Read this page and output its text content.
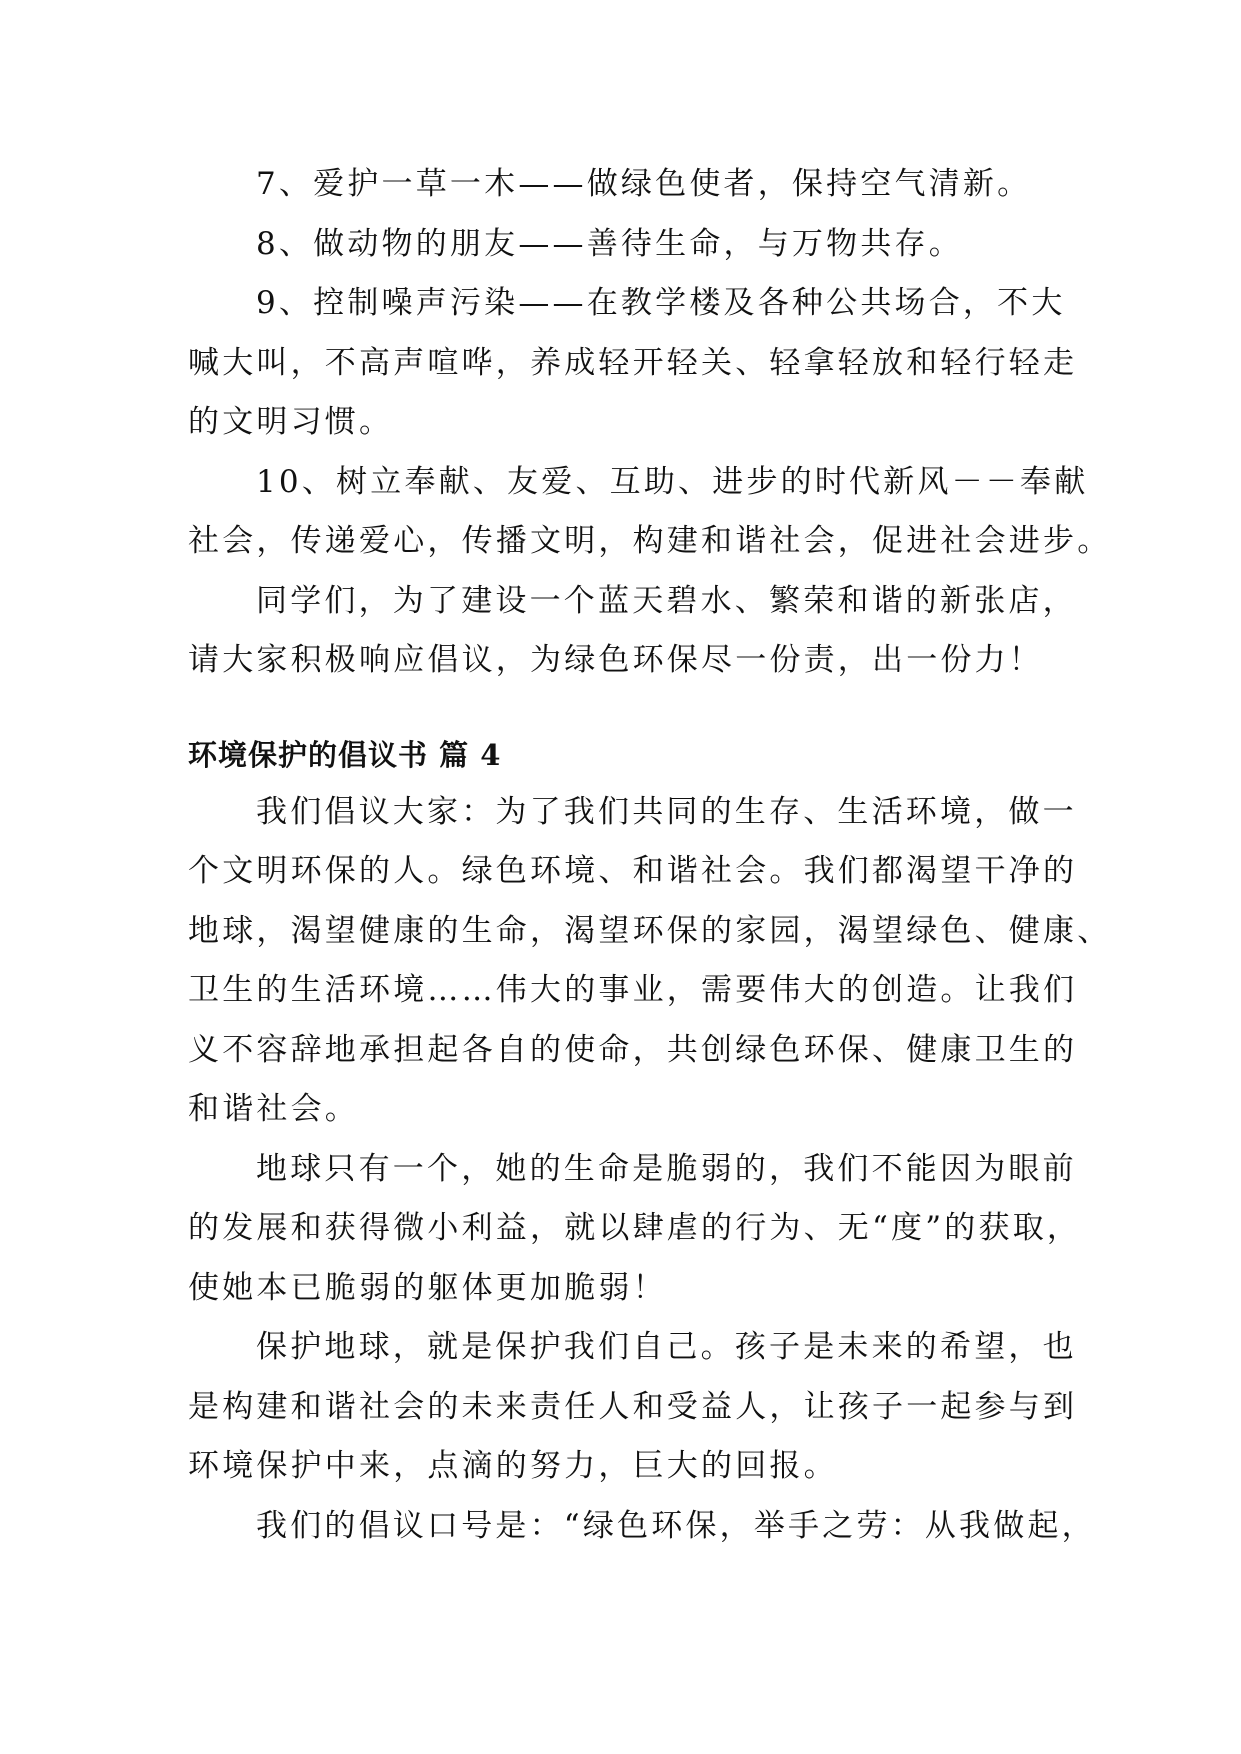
7、爱护一草一木——做绿色使者，保持空气清新。

8、做动物的朋友——善待生命，与万物共存。

9、控制噪声污染——在教学楼及各种公共场合，不大
喊大叫，不高声喧哗，养成轻开轻关、轻拿轻放和轻行轻走
的文明习惯。

10、树立奉献、友爱、互助、进步的时代新风－－奉献
社会，传递爱心，传播文明，构建和谐社会，促进社会进步。

同学们，为了建设一个蓝天碧水、繁荣和谐的新张店，
请大家积极响应倡议，为绿色环保尽一份责，出一份力！

环境保护的倡议书 篇 4

我们倡议大家：为了我们共同的生存、生活环境，做一
个文明环保的人。绿色环境、和谐社会。我们都渴望干净的
地球，渴望健康的生命，渴望环保的家园，渴望绿色、健康、
卫生的生活环境……伟大的事业，需要伟大的创造。让我们
义不容辞地承担起各自的使命，共创绿色环保、健康卫生的
和谐社会。

地球只有一个，她的生命是脆弱的，我们不能因为眼前
的发展和获得微小利益，就以肆虐的行为、无“度”的获取，
使她本已脆弱的躯体更加脆弱！

保护地球，就是保护我们自己。孩子是未来的希望，也
是构建和谐社会的未来责任人和受益人，让孩子一起参与到
环境保护中来，点滴的努力，巨大的回报。

我们的倡议口号是：“绿色环保，举手之劳：从我做起，
